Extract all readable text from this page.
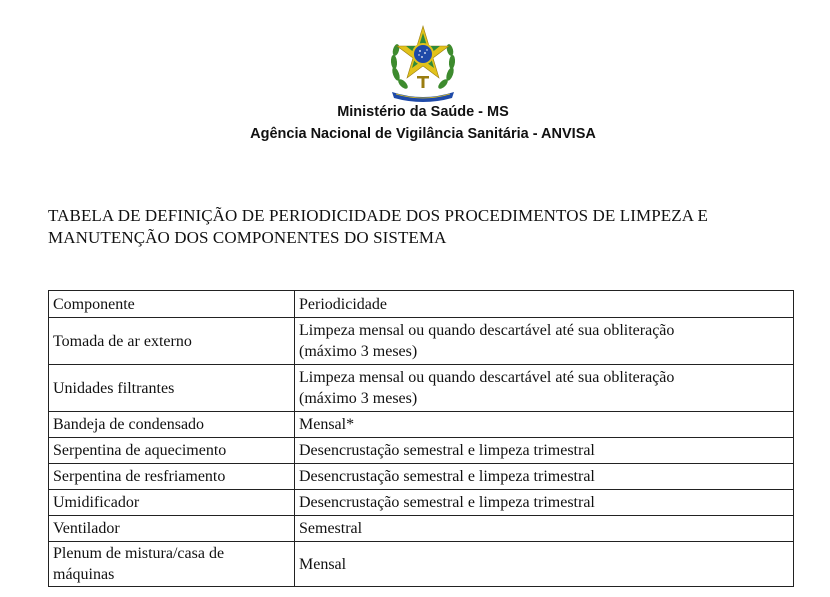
Ministério da Saúde - MS
Agência Nacional de Vigilância Sanitária - ANVISA
TABELA DE DEFINIÇÃO DE PERIODICIDADE DOS PROCEDIMENTOS DE LIMPEZA E
MANUTENÇÃO DOS COMPONENTES DO SISTEMA
Componente	Periodicidade
Tomada de ar externo	Limpeza mensal ou quando descartável até sua obliteração
(máximo 3 meses)

Unidades filtrantes	Limpeza mensal ou quando descartável até sua obliteração
(máximo 3 meses)

Bandeja de condensado	Mensal*
Serpentina de aquecimento	Desencrustação semestral e limpeza trimestral
Serpentina de resfriamento	Desencrustação semestral e limpeza trimestral
Umidificador	Desencrustação semestral e limpeza trimestral
Ventilador	Semestral

Plenum de mistura/casa de
máquinas	Mensal
